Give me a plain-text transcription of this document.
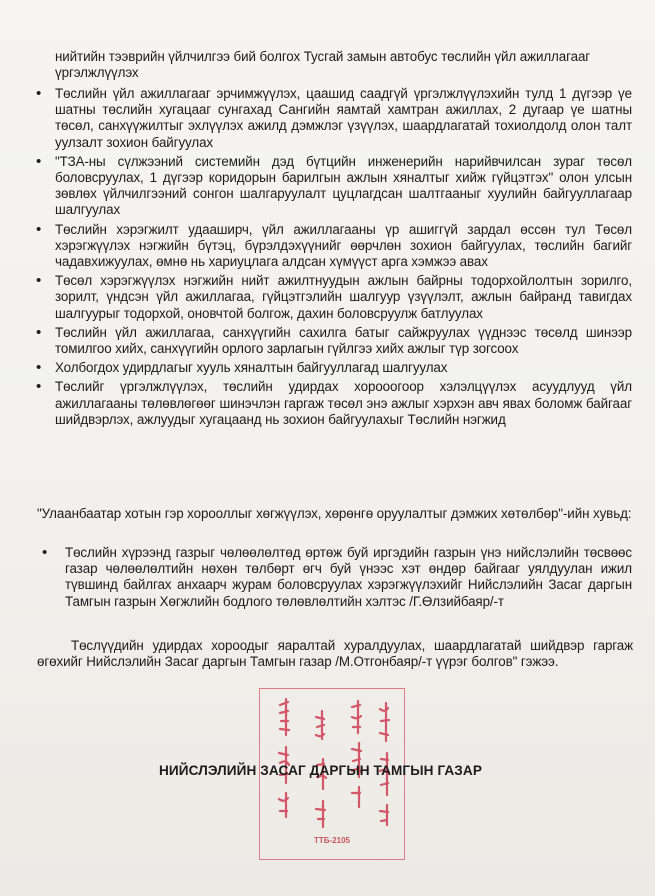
нийтийн тээврийн үйлчилгээ бий болгох Тусгай замын автобус төслийн үйл ажиллагааг үргэлжлүүлэх

• Төслийн үйл ажиллагааг эрчимжүүлэх, цаашид саадгүй үргэлжлүүлэхийн тулд 1 дүгээр үе шатны төслийн хугацааг сунгахад Сангийн яамтай хамтран ажиллах, 2 дугаар үе шатны төсөл, санхүүжилтыг эхлүүлэх ажилд дэмжлэг үзүүлэх, шаардлагатай тохиолдолд олон талт уулзалт зохион байгуулах
• "ТЗА-ны сүлжээний системийн дэд бүтцийн инженерийн нарийвчилсан зураг төсөл боловсруулах, 1 дүгээр коридорын барилгын ажлын хяналтыг хийж гүйцэтгэх" олон улсын зөвлөх үйлчилгээний сонгон шалгаруулалт цуцлагдсан шалтгааныг хуулийн байгууллагаар шалгуулах
• Төслийн хэрэгжилт удааширч, үйл ажиллагааны үр ашиггүй зардал өссөн тул Төсөл хэрэгжүүлэх нэгжийн бүтэц, бүрэлдэхүүнийг өөрчлөн зохион байгуулах, төслийн багийг чадавхижуулах, өмнө нь хариуцлага алдсан хүмүүст арга хэмжээ авах
• Төсөл хэрэгжүүлэх нэгжийн нийт ажилтнуудын ажлын байрны тодорхойлолтын зорилго, зорилт, үндсэн үйл ажиллагаа, гүйцэтгэлийн шалгуур үзүүлэлт, ажлын байранд тавигдах шалгуурыг тодорхой, оновчтой болгож, дахин боловсруулж батлуулах
• Төслийн үйл ажиллагаа, санхүүгийн сахилга батыг сайжруулах үүднээс төсөлд шинээр томилгоо хийх, санхүүгийн орлого зарлагын гүйлгээ хийх ажлыг түр зогсоох
• Холбогдох удирдлагыг хууль хяналтын байгууллагад шалгуулах
• Төслийг үргэлжлүүлэх, төслийн удирдах хорооогоор хэлэлцүүлэх асуудлууд үйл ажиллагааны төлөвлөгөөг шинэчлэн гаргаж төсөл энэ ажлыг хэрхэн авч явах боломж байгааг шийдвэрлэх, ажлуудыг хугацаанд нь зохион байгуулахыг Төслийн нэгжид

"Улаанбаатар хотын гэр хорооллыг хөгжүүлэх, хөрөнгө оруулалтыг дэмжих хөтөлбөр"-ийн хувьд:

• Төслийн хүрээнд газрыг чөлөөлөлтөд өртөж буй иргэдийн газрын үнэ нийслэлийн төсвөөс газар чөлөөлөлтийн нөхөн төлбөрт өгч буй үнээс хэт өндөр байгааг уялдуулан ижил түвшинд байлгах анхаарч журам боловсруулах хэрэгжүүлэхийг Нийслэлийн Засаг даргын Тамгын газрын Хөгжлийн бодлого төлөвлөлтийн хэлтэс /Г.Өлзийбаяр/-т

Төслүүдийн удирдах хороодыг яаралтай хуралдуулах, шаардлагатай шийдвэр гаргаж өгөхийг Нийслэлийн Засаг даргын Тамгын газар /М.Отгонбаяр/-т үүрэг болгов" гэжээ.

ТТБ-2105
НИЙСЛЭЛИЙН ЗАСАГ ДАРГЫН ТАМГЫН ГАЗАР
